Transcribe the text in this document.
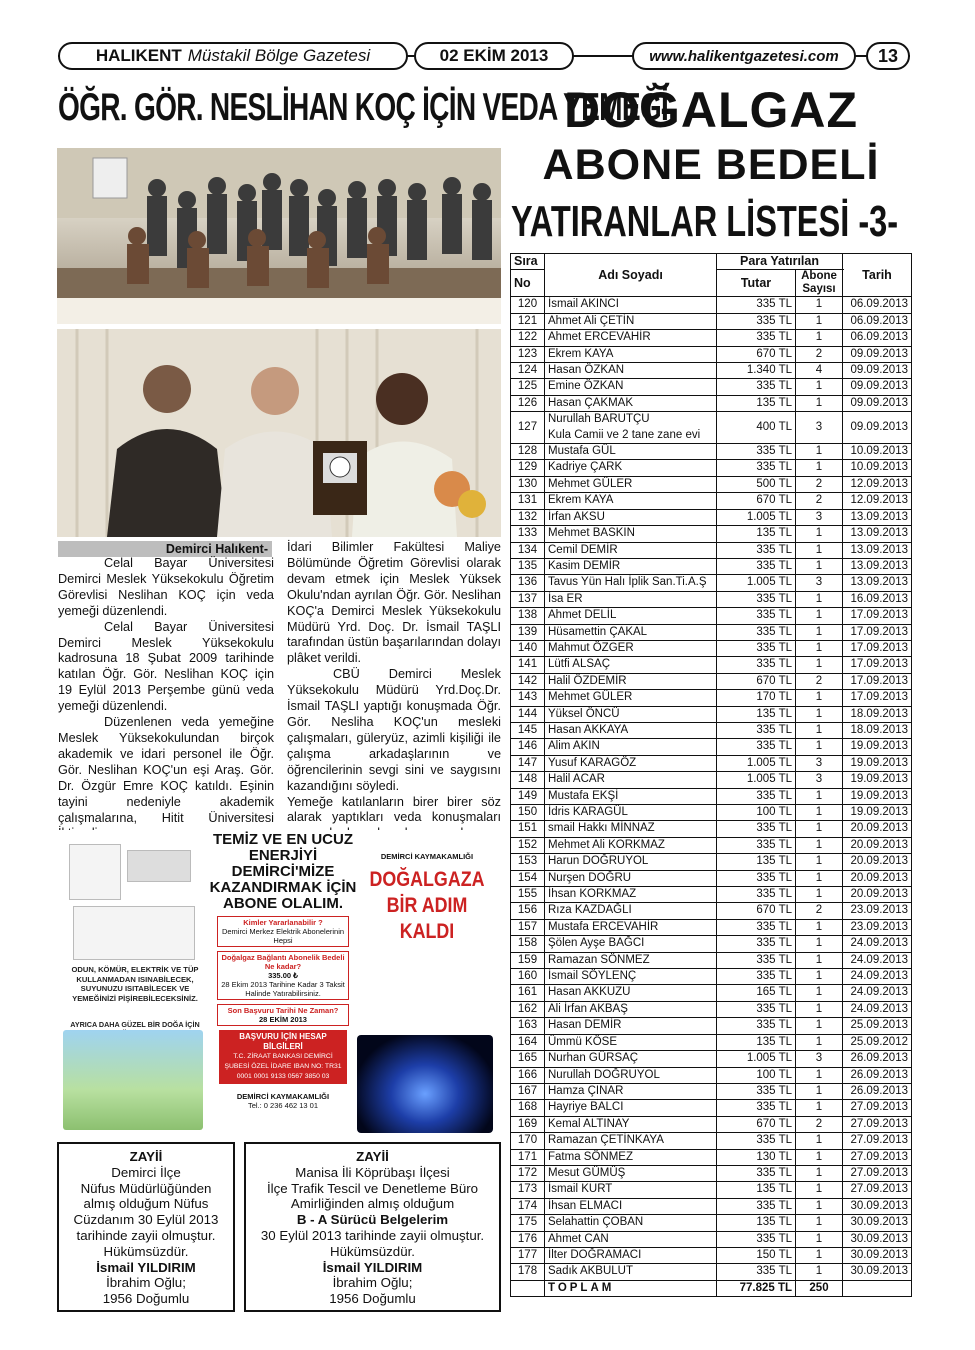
HALIKENT Müstakil Bölge Gazetesi	02 EKİM 2013	www.halikentgazetesi.com	13
ÖĞR. GÖR. NESLİHAN KOÇ İÇİN VEDA YEMEĞİ
Demirci Halıkent-

Celal Bayar Üniversitesi Demirci Meslek Yüksekokulu Öğretim Görevlisi Neslihan KOÇ için veda yemeği düzenlendi.

Celal Bayar Üniversitesi Demirci Meslek Yüksekokulu kadrosuna 18 Şubat 2009 tarihinde katılan Öğr. Gör. Neslihan KOÇ için 19 Eylül 2013 Perşembe günü veda yemeği düzenlendi.

Düzenlenen veda yemeğine Meslek Yüksekokulundan birçok akademik ve idari personel ile Öğr. Gör. Neslihan KOÇ'un eşi Araş. Gör. Dr. Özgür Emre KOÇ katıldı. Eşinin tayini nedeniyle akademik çalışmalarına, Hitit Üniversitesi

İdari Bilimler Fakültesi Maliye Bölümünde Öğretim Görevlisi olarak devam etmek için Meslek Yüksek Okulu'ndan ayrılan Öğr. Gör. Neslihan KOÇ'a Demirci Meslek Yüksekokulu Müdürü Yrd. Doç. Dr. İsmail TAŞLI tarafından üstün başarılarından dolayı plâket verildi.

CBÜ Demirci Meslek Yüksekokulu Müdürü Yrd.Doç.Dr. İsmail TAŞLI yaptığı konuşmada Öğr. Gör. Nesliha KOÇ'un mesleki çalışmaları, güleryüz, azimli kişiliği ile çalışma arkadaşlarının ve öğrencilerinin sevgi sini ve saygısını kazandığını söyledi.

Yemeğe katılanların birer birer söz alarak yaptıkları veda konuşmaları

ODUN, KÖMÜR, ELEKTRİK VE TÜP KULLANMADAN ISINABİLECEK, SUYUNUZU ISITABİLECEK VE YEMEĞİNİZİ PİŞİREBİLECEKSİNİZ.
AYRICA DAHA GÜZEL BİR DOĞA İÇİN
TEMİZ VE EN UCUZ ENERJİYİ DEMİRCİ'MİZE KAZANDIRMAK İÇİN ABONE OLALIM.
Kimler Yararlanabilir ?
Demirci Merkez Elektrik Abonelerinin Hepsi
Doğalgaz Bağlantı Abonelik Bedeli Ne kadar?
335.00 ₺
28 Ekim 2013 Tarihine Kadar 3 Taksit Halinde Yatırabilirsiniz.
Son Başvuru Tarihi Ne Zaman?
28 EKİM 2013
BAŞVURU İÇİN HESAP BİLGİLERİ
T.C. ZİRAAT BANKASI DEMİRCİ ŞUBESİ ÖZEL İDARE IBAN NO: TR31 0001 0001 9133 0567 3850 03
DEMİRCİ KAYMAKAMLIĞI
Tel.: 0 236 462 13 01
DEMİRCİ KAYMAKAMLIĞI
DOĞALGAZA BİR ADIM KALDI
ZAYİİ
Demirci İlçe
Nüfus Müdürlüğünden
almış olduğum Nüfus
Cüzdanım 30 Eylül 2013
tarihinde zayii olmuştur.
Hükümsüzdür.
İsmail YILDIRIM
İbrahim Oğlu;
1956 Doğumlu
ZAYİİ
Manisa İli Köprübaşı İlçesi
İlçe Trafik Tescil ve Denetleme Büro
Amirliğinden almış olduğum
B - A Sürücü Belgelerim
30 Eylül 2013 tarihinde zayii olmuştur.
Hükümsüzdür.
İsmail YILDIRIM
İbrahim Oğlu;
1956 Doğumlu
DOĞALGAZ
ABONE BEDELİ
YATIRANLAR LİSTESİ -3-
Sıra	Adı Soyadı	Para Yatırılan		Tarih
No		Tutar	Abone Sayısı	
120	İsmail AKINCI	335 TL	1	06.09.2013
121	Ahmet Ali ÇETİN	335 TL	1	06.09.2013
122	Ahmet ERCEVAHİR	335 TL	1	06.09.2013
123	Ekrem KAYA	670 TL	2	09.09.2013
124	Hasan ÖZKAN	1.340 TL	4	09.09.2013
125	Emine ÖZKAN	335 TL	1	09.09.2013
126	Hasan ÇAKMAK	135 TL	1	09.09.2013
127	Nurullah BARUTÇU
Kula Camii ve 2 tane zane evi	400 TL	3	09.09.2013
128	Mustafa GÜL	335 TL	1	10.09.2013
129	Kadriye ÇARK	335 TL	1	10.09.2013
130	Mehmet GÜLER	500 TL	2	12.09.2013
131	Ekrem KAYA	670 TL	2	12.09.2013
132	İrfan AKSU	1.005 TL	3	13.09.2013
133	Mehmet BASKIN	135 TL	1	13.09.2013
134	Cemil DEMİR	335 TL	1	13.09.2013
135	Kasim DEMİR	335 TL	1	13.09.2013
136	Tavus Yün Halı İplik San.Ti.A.Ş	1.005 TL	3	13.09.2013
137	İsa ER	335 TL	1	16.09.2013
138	Ahmet DELİL	335 TL	1	17.09.2013
139	Hüsamettin ÇAKAL	335 TL	1	17.09.2013
140	Mahmut ÖZGER	335 TL	1	17.09.2013
141	Lütfi ALSAÇ	335 TL	1	17.09.2013
142	Halil ÖZDEMİR	670 TL	2	17.09.2013
143	Mehmet GÜLER	170 TL	1	17.09.2013
144	Yüksel ÖNCÜ	135 TL	1	18.09.2013
145	Hasan AKKAYA	335 TL	1	18.09.2013
146	Alim AKIN	335 TL	1	19.09.2013
147	Yusuf KARAGÖZ	1.005 TL	3	19.09.2013
148	Halil ACAR	1.005 TL	3	19.09.2013
149	Mustafa EKŞİ	335 TL	1	19.09.2013
150	İdris KARAGÜL	100 TL	1	19.09.2013
151	smail Hakkı MİNNAZ	335 TL	1	20.09.2013
152	Mehmet Ali KORKMAZ	335 TL	1	20.09.2013
153	Harun DOĞRUYOL	135 TL	1	20.09.2013
154	Nurşen DOĞRU	335 TL	1	20.09.2013
155	İhsan KORKMAZ	335 TL	1	20.09.2013
156	Rıza KAZDAĞLI	670 TL	2	23.09.2013
157	Mustafa ERCEVAHİR	335 TL	1	23.09.2013
158	Şölen Ayşe BAĞCI	335 TL	1	24.09.2013
159	Ramazan SÖNMEZ	335 TL	1	24.09.2013
160	İsmail SÖYLENÇ	335 TL	1	24.09.2013
161	Hasan AKKUZU	165 TL	1	24.09.2013
162	Ali İrfan AKBAŞ	335 TL	1	24.09.2013
163	Hasan DEMİR	335 TL	1	25.09.2013
164	Ümmü KÖSE	135 TL	1	25.09.2012
165	Nurhan GÜRSAÇ	1.005 TL	3	26.09.2013
166	Nurullah DOĞRUYOL	100 TL	1	26.09.2013
167	Hamza ÇINAR	335 TL	1	26.09.2013
168	Hayriye BALCI	335 TL	1	27.09.2013
169	Kemal ALTINAY	670 TL	2	27.09.2013
170	Ramazan ÇETİNKAYA	335 TL	1	27.09.2013
171	Fatma SÖNMEZ	130 TL	1	27.09.2013
172	Mesut GÜMÜŞ	335 TL	1	27.09.2013
173	İsmail KURT	135 TL	1	27.09.2013
174	İhsan ELMACI	335 TL	1	30.09.2013
175	Selahattin ÇOBAN	135 TL	1	30.09.2013
176	Ahmet CAN	335 TL	1	30.09.2013
177	İlter DOĞRAMACI	150 TL	1	30.09.2013
178	Sadık AKBULUT	335 TL	1	30.09.2013
	TOPLAM	77.825 TL	250	
